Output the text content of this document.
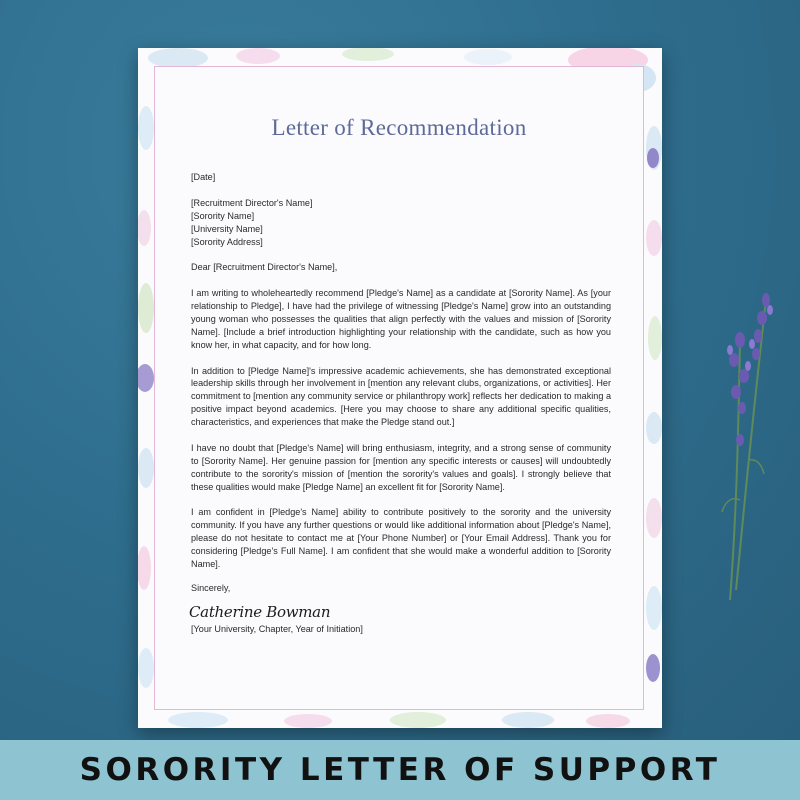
Letter of Recommendation

[Date]

[Recruitment Director's Name]
[Sorority Name]
[University Name]
[Sorority Address]

Dear [Recruitment Director's Name],

I am writing to wholeheartedly recommend [Pledge's Name] as a candidate at [Sorority Name]. As [your relationship to Pledge], I have had the privilege of witnessing [Pledge's Name] grow into an outstanding young woman who possesses the qualities that align perfectly with the values and mission of [Sorority Name]. [Include a brief introduction highlighting your relationship with the candidate, such as how you know her, in what capacity, and for how long.

In addition to [Pledge Name]'s impressive academic achievements, she has demonstrated exceptional leadership skills through her involvement in [mention any relevant clubs, organizations, or activities]. Her commitment to [mention any community service or philanthropy work] reflects her dedication to making a positive impact beyond academics. [Here you may choose to share any additional specific qualities, characteristics, and experiences that make the Pledge stand out.]

I have no doubt that [Pledge's Name] will bring enthusiasm, integrity, and a strong sense of community to [Sorority Name]. Her genuine passion for [mention any specific interests or causes] will undoubtedly contribute to the sorority's mission of [mention the sorority's values and goals]. I strongly believe that these qualities would make [Pledge Name] an excellent fit for [Sorority Name].

I am confident in [Pledge's Name] ability to contribute positively to the sorority and the university community. If you have any further questions or would like additional information about [Pledge's Name], please do not hesitate to contact me at [Your Phone Number] or [Your Email Address]. Thank you for considering [Pledge's Full Name]. I am confident that she would make a wonderful addition to [Sorority Name].

Sincerely,
Catherine Bowman
[Your University, Chapter, Year of Initiation]
SORORITY LETTER OF SUPPORT
